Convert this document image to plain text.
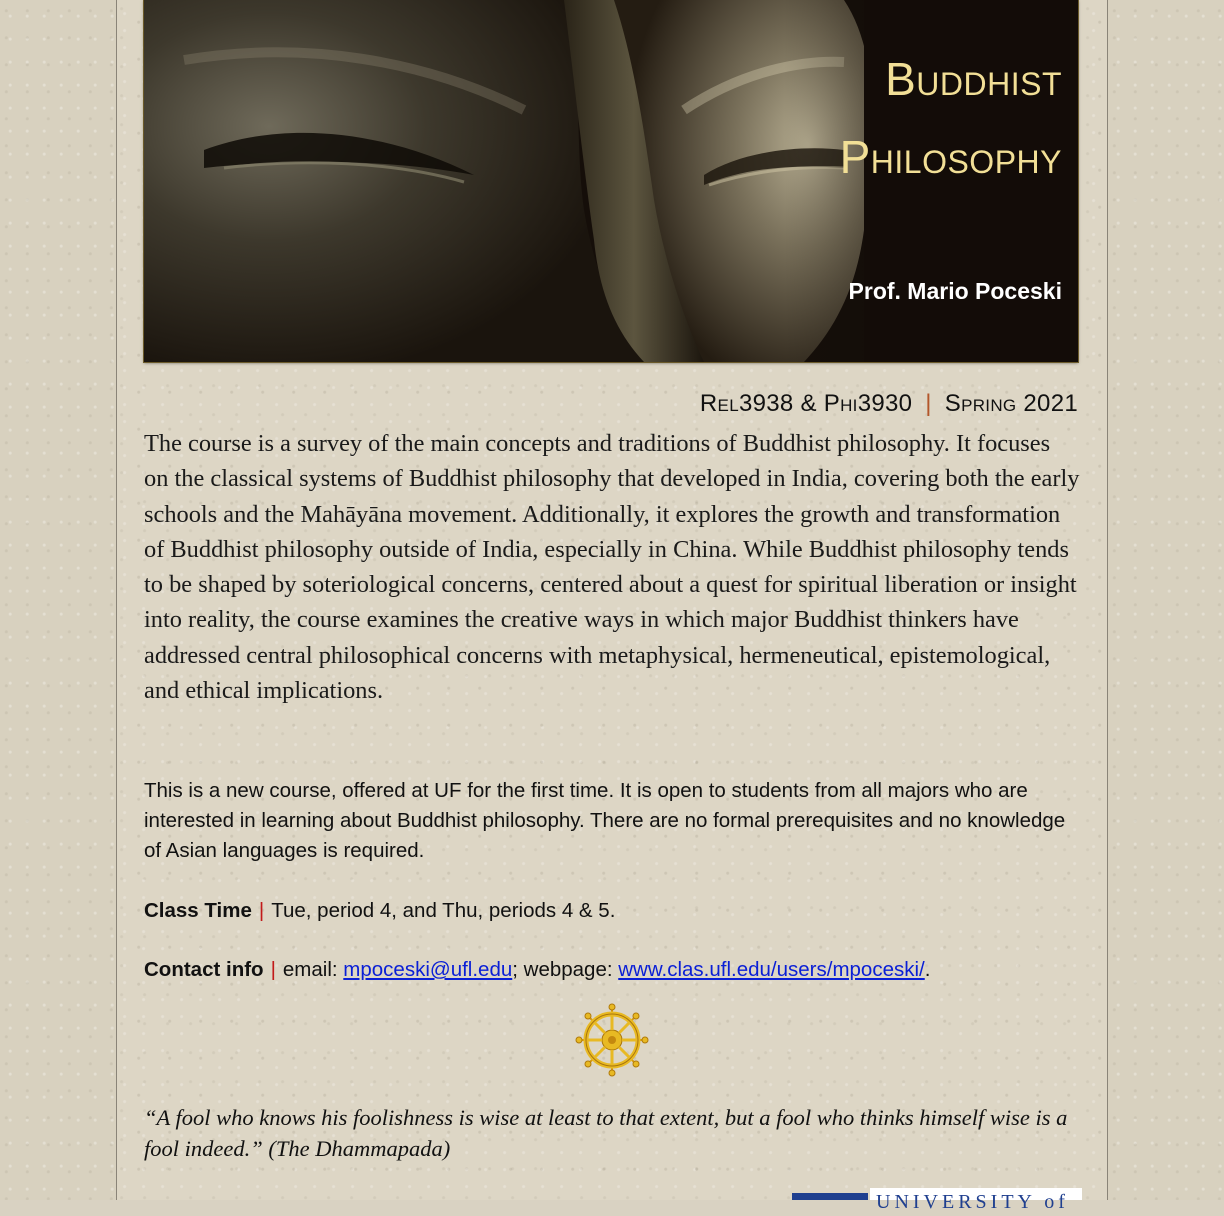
Buddhist
Philosophy
Prof. Mario Poceski
Rel3938 & Phi3930 | Spring 2021

The course is a survey of the main concepts and traditions of Buddhist philosophy. It focuses on the classical systems of Buddhist philosophy that developed in India, covering both the early schools and the Mahāyāna movement. Additionally, it explores the growth and transformation of Buddhist philosophy outside of India, especially in China. While Buddhist philosophy tends to be shaped by soteriological concerns, centered about a quest for spiritual liberation or insight into reality, the course examines the creative ways in which major Buddhist thinkers have addressed central philosophical concerns with metaphysical, hermeneutical, epistemological, and ethical implications.

This is a new course, offered at UF for the first time. It is open to students from all majors who are interested in learning about Buddhist philosophy. There are no formal prerequisites and no knowledge of Asian languages is required.

Class Time | Tue, period 4, and Thu, periods 4 & 5.
Contact info | email: mpoceski@ufl.edu; webpage: www.clas.ufl.edu/users/mpoceski/.

“A fool who knows his foolishness is wise at least to that extent, but a fool who thinks himself wise is a fool indeed.” (The Dhammapada)

UNIVERSITY of
